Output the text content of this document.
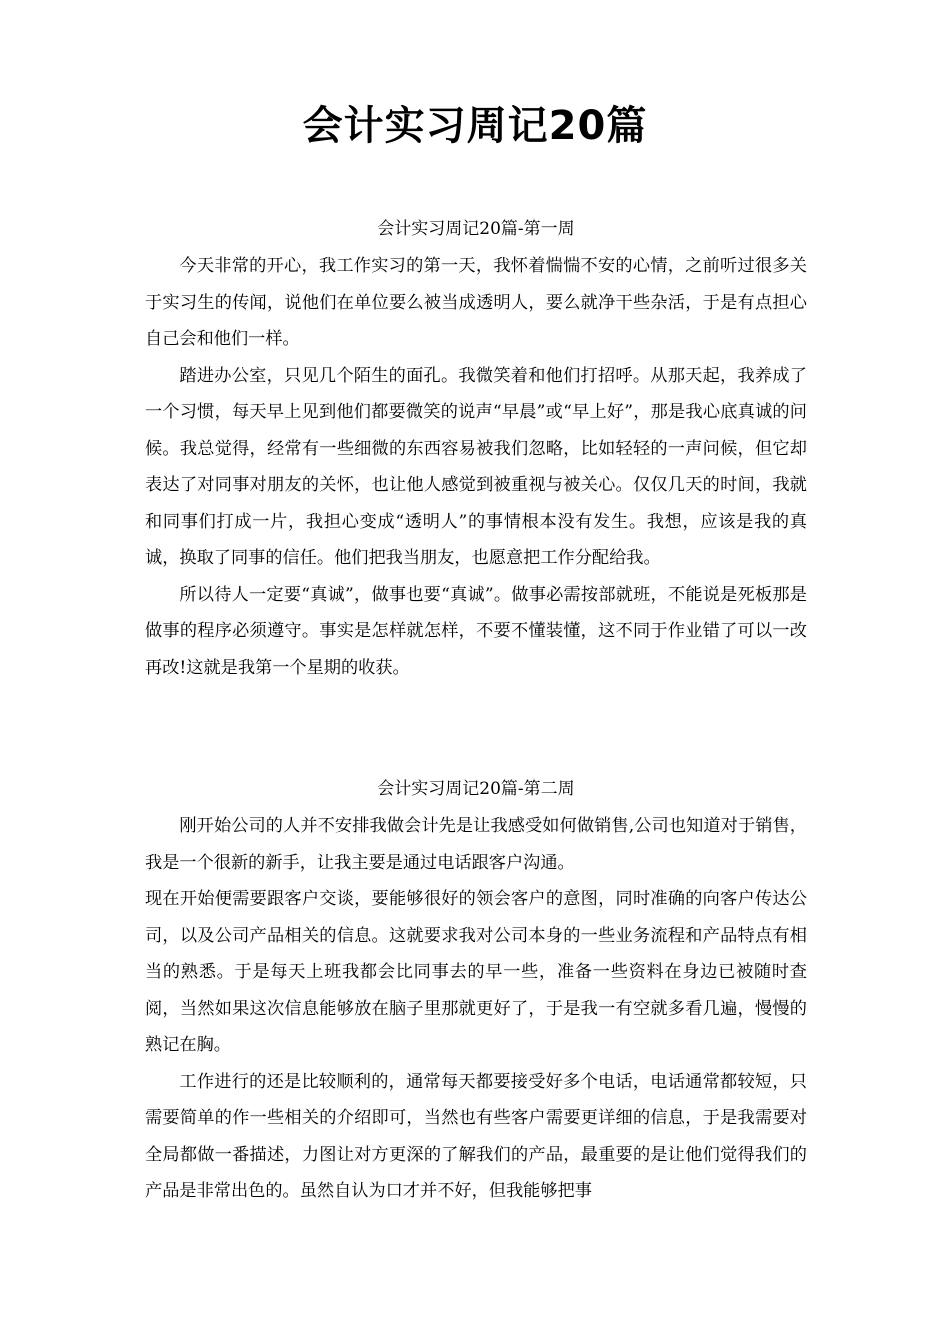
会计实习周记20篇

会计实习周记20篇-第一周

今天非常的开心，我工作实习的第一天，我怀着惴惴不安的心情，之前听过很多关于实习生的传闻，说他们在单位要么被当成透明人，要么就净干些杂活，于是有点担心自己会和他们一样。

踏进办公室，只见几个陌生的面孔。我微笑着和他们打招呼。从那天起，我养成了一个习惯，每天早上见到他们都要微笑的说声“早晨”或“早上好”，那是我心底真诚的问候。我总觉得，经常有一些细微的东西容易被我们忽略，比如轻轻的一声问候，但它却表达了对同事对朋友的关怀，也让他人感觉到被重视与被关心。仅仅几天的时间，我就和同事们打成一片，我担心变成“透明人”的事情根本没有发生。我想，应该是我的真诚，换取了同事的信任。他们把我当朋友，也愿意把工作分配给我。

所以待人一定要“真诚”，做事也要“真诚”。做事必需按部就班，不能说是死板那是做事的程序必须遵守。事实是怎样就怎样，不要不懂装懂，这不同于作业错了可以一改再改!这就是我第一个星期的收获。

会计实习周记20篇-第二周

刚开始公司的人并不安排我做会计先是让我感受如何做销售,公司也知道对于销售，我是一个很新的新手，让我主要是通过电话跟客户沟通。

现在开始便需要跟客户交谈，要能够很好的领会客户的意图，同时准确的向客户传达公司，以及公司产品相关的信息。这就要求我对公司本身的一些业务流程和产品特点有相当的熟悉。于是每天上班我都会比同事去的早一些，准备一些资料在身边已被随时查阅，当然如果这次信息能够放在脑子里那就更好了，于是我一有空就多看几遍，慢慢的熟记在胸。

工作进行的还是比较顺利的，通常每天都要接受好多个电话，电话通常都较短，只需要简单的作一些相关的介绍即可，当然也有些客户需要更详细的信息，于是我需要对全局都做一番描述，力图让对方更深的了解我们的产品，最重要的是让他们觉得我们的产品是非常出色的。虽然自认为口才并不好，但我能够把事
